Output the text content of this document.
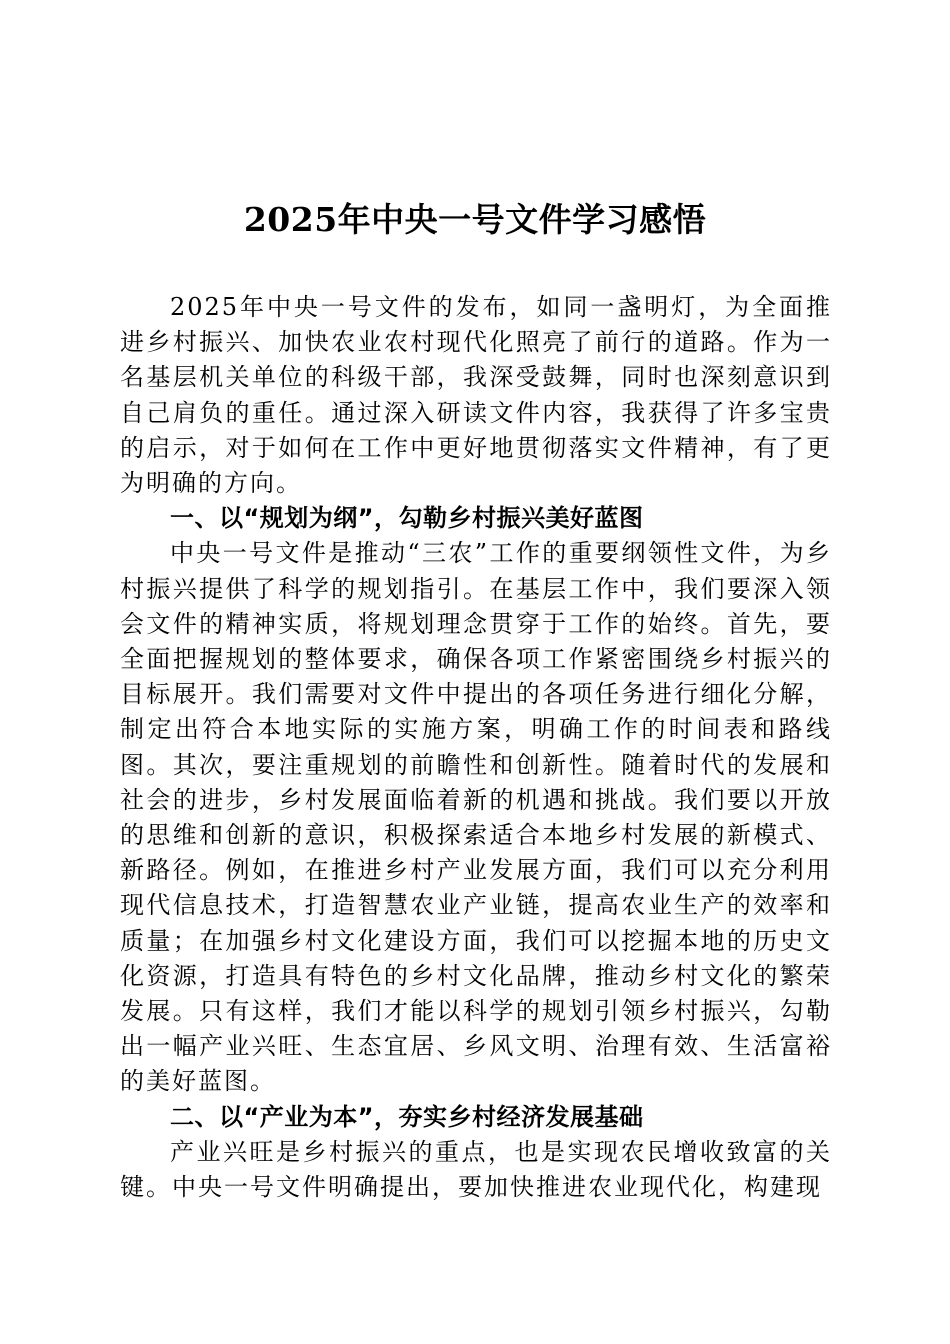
2025年中央一号文件学习感悟

2025年中央一号文件的发布，如同一盏明灯，为全面推进乡村振兴、加快农业农村现代化照亮了前行的道路。作为一名基层机关单位的科级干部，我深受鼓舞，同时也深刻意识到自己肩负的重任。通过深入研读文件内容，我获得了许多宝贵的启示，对于如何在工作中更好地贯彻落实文件精神，有了更为明确的方向。

一、以“规划为纲”，勾勒乡村振兴美好蓝图

中央一号文件是推动“三农”工作的重要纲领性文件，为乡村振兴提供了科学的规划指引。在基层工作中，我们要深入领会文件的精神实质，将规划理念贯穿于工作的始终。首先，要全面把握规划的整体要求，确保各项工作紧密围绕乡村振兴的目标展开。我们需要对文件中提出的各项任务进行细化分解，制定出符合本地实际的实施方案，明确工作的时间表和路线图。其次，要注重规划的前瞻性和创新性。随着时代的发展和社会的进步，乡村发展面临着新的机遇和挑战。我们要以开放的思维和创新的意识，积极探索适合本地乡村发展的新模式、新路径。例如，在推进乡村产业发展方面，我们可以充分利用现代信息技术，打造智慧农业产业链，提高农业生产的效率和质量；在加强乡村文化建设方面，我们可以挖掘本地的历史文化资源，打造具有特色的乡村文化品牌，推动乡村文化的繁荣发展。只有这样，我们才能以科学的规划引领乡村振兴，勾勒出一幅产业兴旺、生态宜居、乡风文明、治理有效、生活富裕的美好蓝图。

二、以“产业为本”，夯实乡村经济发展基础

产业兴旺是乡村振兴的重点，也是实现农民增收致富的关键。中央一号文件明确提出，要加快推进农业现代化，构建现
